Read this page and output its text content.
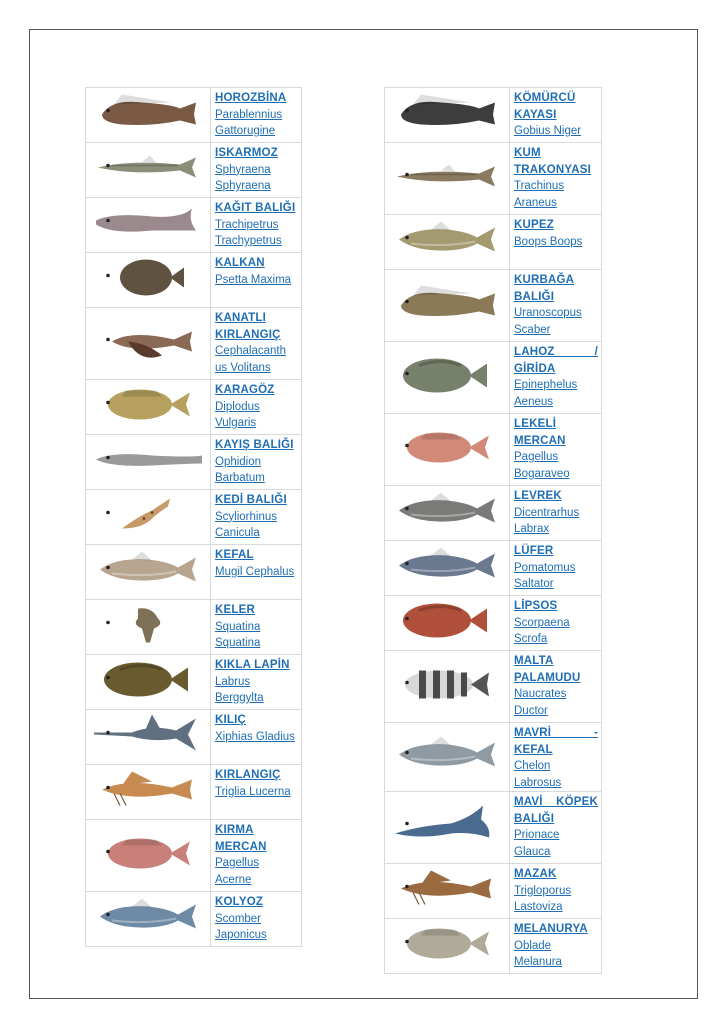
HOROZBİNA
Parablennius Gattorugine

ISKARMOZ
Sphyraena Sphyraena

KAĞIT BALIĞI
Trachipetrus Trachypetrus

KALKAN
Psetta Maxima

KANATLI KIRLANGIÇ
Cephalacanth us Volitans

KARAGÖZ
Diplodus Vulgaris

KAYIŞ BALIĞI
Ophidion Barbatum

KEDİ BALIĞI
Scyliorhinus Canicula

KEFAL
Mugil Cephalus

KELER
Squatina Squatina

KIKLA LAPİN
Labrus Berggylta

KILIÇ
Xiphias Gladius

KIRLANGIÇ
Triglia Lucerna

KIRMA MERCAN
Pagellus Acerne

KOLYOZ
Scomber Japonicus

KÖMÜRCÜ KAYASI
Gobius Niger

KUM TRAKONYASI
Trachinus Araneus

KUPEZ
Boops Boops

KURBAĞA BALIĞI
Uranoscopus Scaber

LAHOZ / GİRİDA
Epinephelus Aeneus

LEKELİ MERCAN
Pagellus Bogaraveo

LEVREK
Dicentrarhus Labrax

LÜFER
Pomatomus Saltator

LİPSOS
Scorpaena Scrofa

MALTA PALAMUDU
Naucrates Ductor

MAVRİ - KEFAL
Chelon Labrosus

MAVİ KÖPEK BALIĞI
Prionace Glauca

MAZAK
Trigloporus Lastoviza

MELANURYA
Oblade Melanura
